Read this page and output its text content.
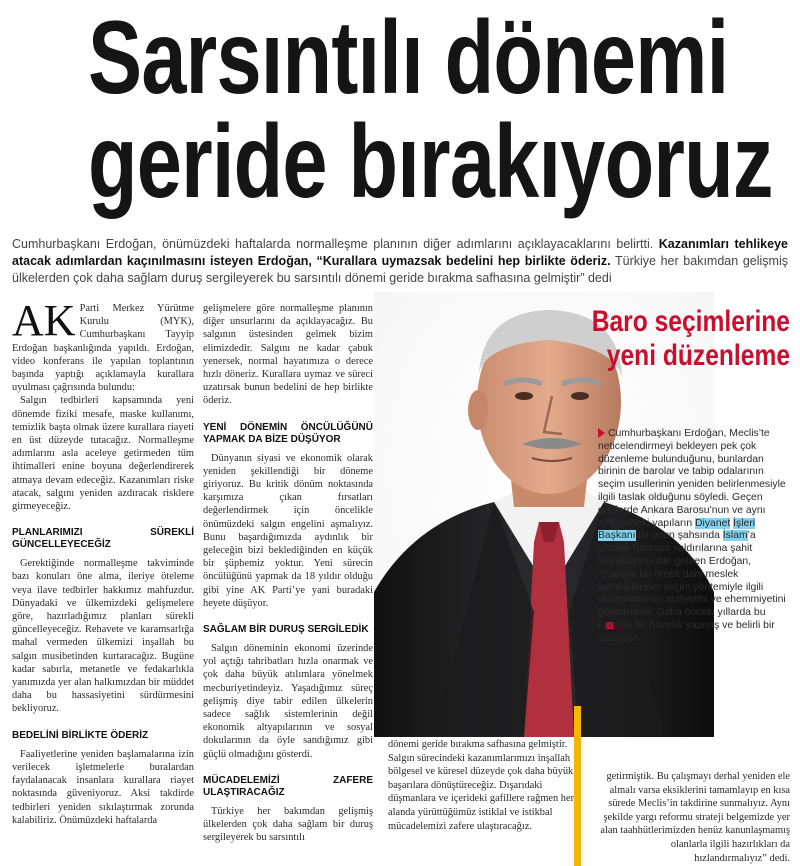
Sarsıntılı dönemi
geride bırakıyoruz
Cumhurbaşkanı Erdoğan, önümüzdeki haftalarda normalleşme planının diğer adımlarını açıklayacaklarını belirtti. Kazanımları tehlikeye atacak adımlardan kaçınılmasını isteyen Erdoğan, “Kurallara uymazsak bedelini hep birlikte öderiz. Türkiye her bakımdan gelişmiş ülkelerden çok daha sağlam duruş sergileyerek bu sarsıntılı dönemi geride bırakma safhasına gelmiştir” dedi
AK Parti Merkez Yürütme Kurulu (MYK), Cumhurbaşkanı Tayyip Erdoğan başkanlığında yapıldı. Erdoğan, video konferans ile yapılan toplantının başında yaptığı açıklamayla kurallara uyulması çağrısında bulundu:

Salgın tedbirleri kapsamında yeni dönemde fiziki mesafe, maske kullanımı, temizlik başta olmak üzere kurallara riayeti en üst düzeyde tutacağız. Normalleşme adımlarını asla aceleye getirmeden tüm ihtimalleri enine boyuna değerlendirerek atmaya devam edeceğiz. Kazanımları riske atacak, salgını yeniden azdıracak risklere girmeyeceğiz.

PLANLARIMIZI SÜREKLİ GÜNCELLEYECEĞİZ

Gerektiğinde normalleşme takviminde bazı konuları öne alma, ileriye öteleme veya ilave tedbirler hakkımız mahfuzdur. Dünyadaki ve ülkemizdeki gelişmelere göre, hazırladığımız planları sürekli güncelleyeceğiz. Rehavete ve karamsarlığa mahal vermeden ülkemizi inşallah bu salgın musibetinden kurtaracağız. Bugüne kadar sabırla, metanetle ve fedakarlıkla yanımızda yer alan halkımızdan bir müddet daha bu hassasiyetini sürdürmesini bekliyoruz.

BEDELİNİ BİRLİKTE ÖDERİZ

Faaliyetlerine yeniden başlamalarına izin verilecek işletmelerle buralardan faydalanacak insanlara kurallara riayet noktasında güveniyoruz. Aksi takdirde tedbirleri yeniden sıkılaştırmak zorunda kalabiliriz. Önümüzdeki haftalarda

gelişmelere göre normalleşme planının diğer unsurlarını da açıklayacağız. Bu salgının üstesinden gelmek bizim elimizdedir. Salgını ne kadar çabuk yenersek, normal hayatımıza o derece hızlı döneriz. Kurallara uymaz ve süreci uzatırsak bunun bedelini de hep birlikte öderiz.

YENİ DÖNEMİN ÖNCÜLÜĞÜNÜ YAPMAK DA BİZE DÜŞÜYOR

Dünyanın siyasi ve ekonomik olarak yeniden şekillendiği bir döneme giriyoruz. Bu kritik dönüm noktasında karşımıza çıkan fırsatları değerlendirmek için öncelikle önümüzdeki salgın engelini aşmalıyız. Bunu başardığımızda aydınlık bir geleceğin bizi beklediğinden en küçük bir şüphemiz yoktur. Yeni sürecin öncülüğünü yapmak da 18 yıldır olduğu gibi yine AK Parti’ye yani buradaki heyete düşüyor.

SAĞLAM BİR DURUŞ SERGİLEDİK

Salgın döneminin ekonomi üzerinde yol açtığı tahribatları hızla onarmak ve çok daha büyük atılımlara yönelmek mecburiyetindeyiz. Yaşadığımız süreç gelişmiş diye tabir edilen ülkelerin sadece sağlık sistemlerinin değil ekonomik altyapılarının ve sosyal dokularının da öyle sandığımız gibi güçlü olmadığını gösterdi.

MÜCADELEMİZİ ZAFERE ULAŞTIRACAĞIZ

Türkiye her bakımdan gelişmiş ülkelerden çok daha sağlam bir duruş sergileyerek bu sarsıntılı

Baro seçimlerine
yeni düzenleme
Cumhurbaşkanı Erdoğan, Meclis’te neticelendirmeyi bekleyen pek çok düzenleme bulunduğunu, bunlardan birinin de barolar ve tabip odalarının seçim usullerinin yeniden belirlenmesiyle ilgili taslak olduğunu söyledi. Geçen günlerde Ankara Barosu’nun ve aynı zihniyetteki yapıların Diyanet İşleri Başkanı ile onun şahsında İslam’a yönelik fütursuz saldırılarına şahit olunduğunu dile getiren Erdoğan, “Sadece bu örnek dahi meslek kuruluşlarının seçim yöntemiyle ilgili düzenlemenin aciliyetini ve ehemmiyetini göstermiştir. Daha önceki yıllarda bu konuda bir hazırlık yapmış ve belirli bir seviyeye
dönemi geride bırakma safhasına gelmiştir. Salgın sürecindeki kazanımlarımızı inşallah bölgesel ve küresel düzeyde çok daha büyük başarılara dönüştüreceğiz. Dışarıdaki düşmanlara ve içerideki gafillere rağmen her alanda yürüttüğümüz istiklal ve istikbal mücadelemizi zafere ulaştıracağız.
getirmiştik. Bu çalışmayı derhal yeniden ele almalı varsa eksiklerini tamamlayıp en kısa sürede Meclis’in takdirine sunmalıyız. Aynı şekilde yargı reformu strateji belgemizde yer alan taahhütlerimizden henüz kanunlaşmamış olanlarla ilgili hazırlıkları da hızlandırmalıyız” dedi.
